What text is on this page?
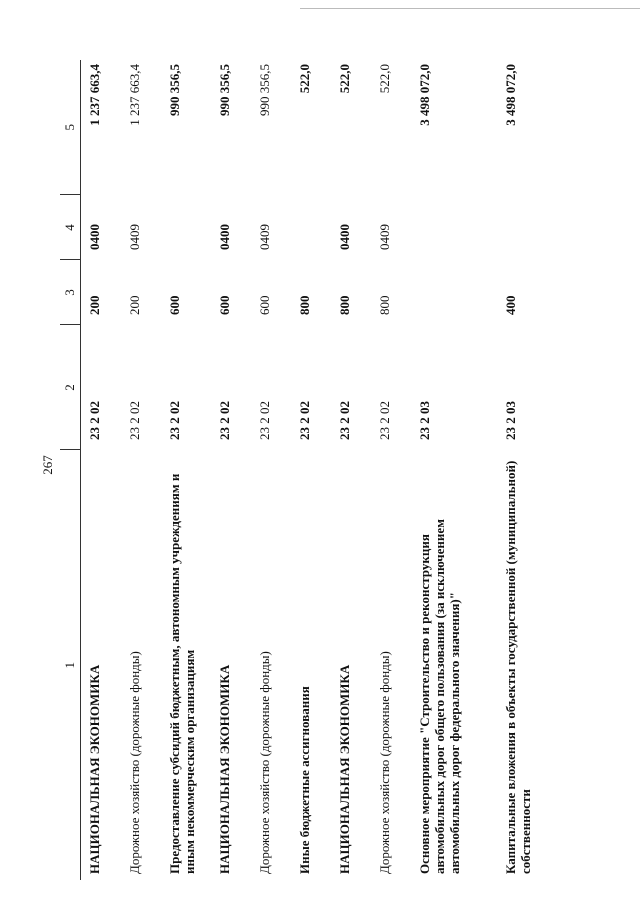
267
1	2	3	4	5
НАЦИОНАЛЬНАЯ ЭКОНОМИКА	23 2 02	200	0400	1 237 663,4
Дорожное хозяйство (дорожные фонды)	23 2 02	200	0409	1 237 663,4
Предоставление субсидий бюджетным, автономным учреждениям и иным некоммерческим организациям	23 2 02	600		990 356,5
НАЦИОНАЛЬНАЯ ЭКОНОМИКА	23 2 02	600	0400	990 356,5
Дорожное хозяйство (дорожные фонды)	23 2 02	600	0409	990 356,5
Иные бюджетные ассигнования	23 2 02	800		522,0
НАЦИОНАЛЬНАЯ ЭКОНОМИКА	23 2 02	800	0400	522,0
Дорожное хозяйство (дорожные фонды)	23 2 02	800	0409	522,0
Основное мероприятие "Строительство и реконструкция автомобильных дорог общего пользования (за исключением автомобильных дорог федерального значения)"	23 2 03			3 498 072,0
Капитальные вложения в объекты государственной (муниципальной) собственности	23 2 03	400		3 498 072,0
